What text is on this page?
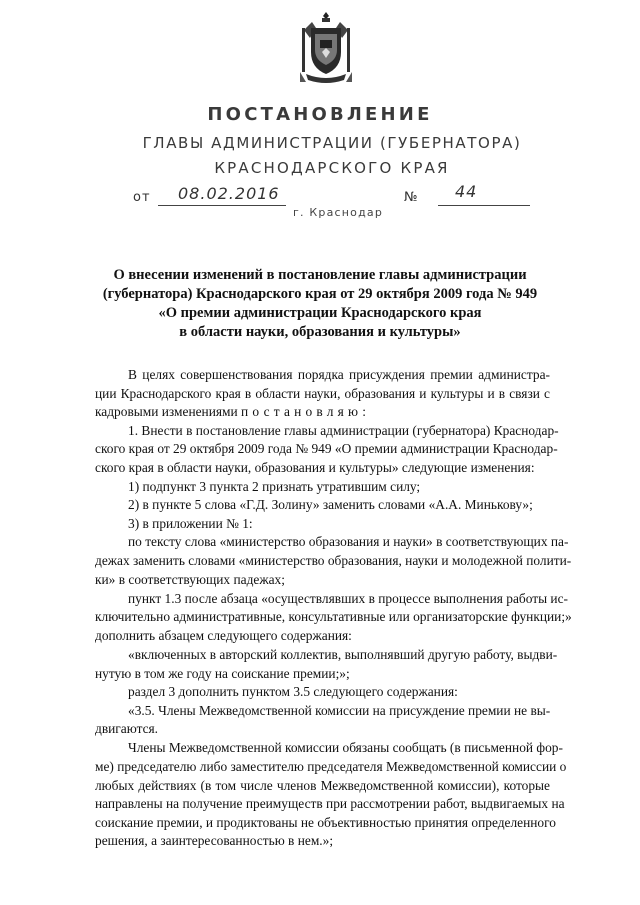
ПОСТАНОВЛЕНИЕ
ГЛАВЫ АДМИНИСТРАЦИИ (ГУБЕРНАТОРА)
КРАСНОДАРСКОГО КРАЯ
от 08.02.2016	№ 44
г. Краснодар
О внесении изменений в постановление главы администрации
(губернатора) Краснодарского края от 29 октября 2009 года № 949
«О премии администрации Краснодарского края
в области науки, образования и культуры»
В целях совершенствования порядка присуждения премии администра-
ции Краснодарского края в области науки, образования и культуры и в связи с
кадровыми изменениями постановляю:
1. Внести в постановление главы администрации (губернатора) Краснодар-
ского края от 29 октября 2009 года № 949 «О премии администрации Краснодар-
ского края в области науки, образования и культуры» следующие изменения:
1) подпункт 3 пункта 2 признать утратившим силу;
2) в пункте 5 слова «Г.Д. Золину» заменить словами «А.А. Минькову»;
3) в приложении № 1:
по тексту слова «министерство образования и науки» в соответствующих па-
дежах заменить словами «министерство образования, науки и молодежной полити-
ки» в соответствующих падежах;
пункт 1.3 после абзаца «осуществлявших в процессе выполнения работы ис-
ключительно административные, консультативные или организаторские функции;»
дополнить абзацем следующего содержания:
«включенных в авторский коллектив, выполнявший другую работу, выдви-
нутую в том же году на соискание премии;»;
раздел 3 дополнить пунктом 3.5 следующего содержания:
«3.5. Члены Межведомственной комиссии на присуждение премии не вы-
двигаются.
Члены Межведомственной комиссии обязаны сообщать (в письменной фор-
ме) председателю либо заместителю председателя Межведомственной комиссии о
любых действиях (в том числе членов Межведомственной комиссии), которые
направлены на получение преимуществ при рассмотрении работ, выдвигаемых на
соискание премии, и продиктованы не объективностью принятия определенного
решения, а заинтересованностью в нем.»;
